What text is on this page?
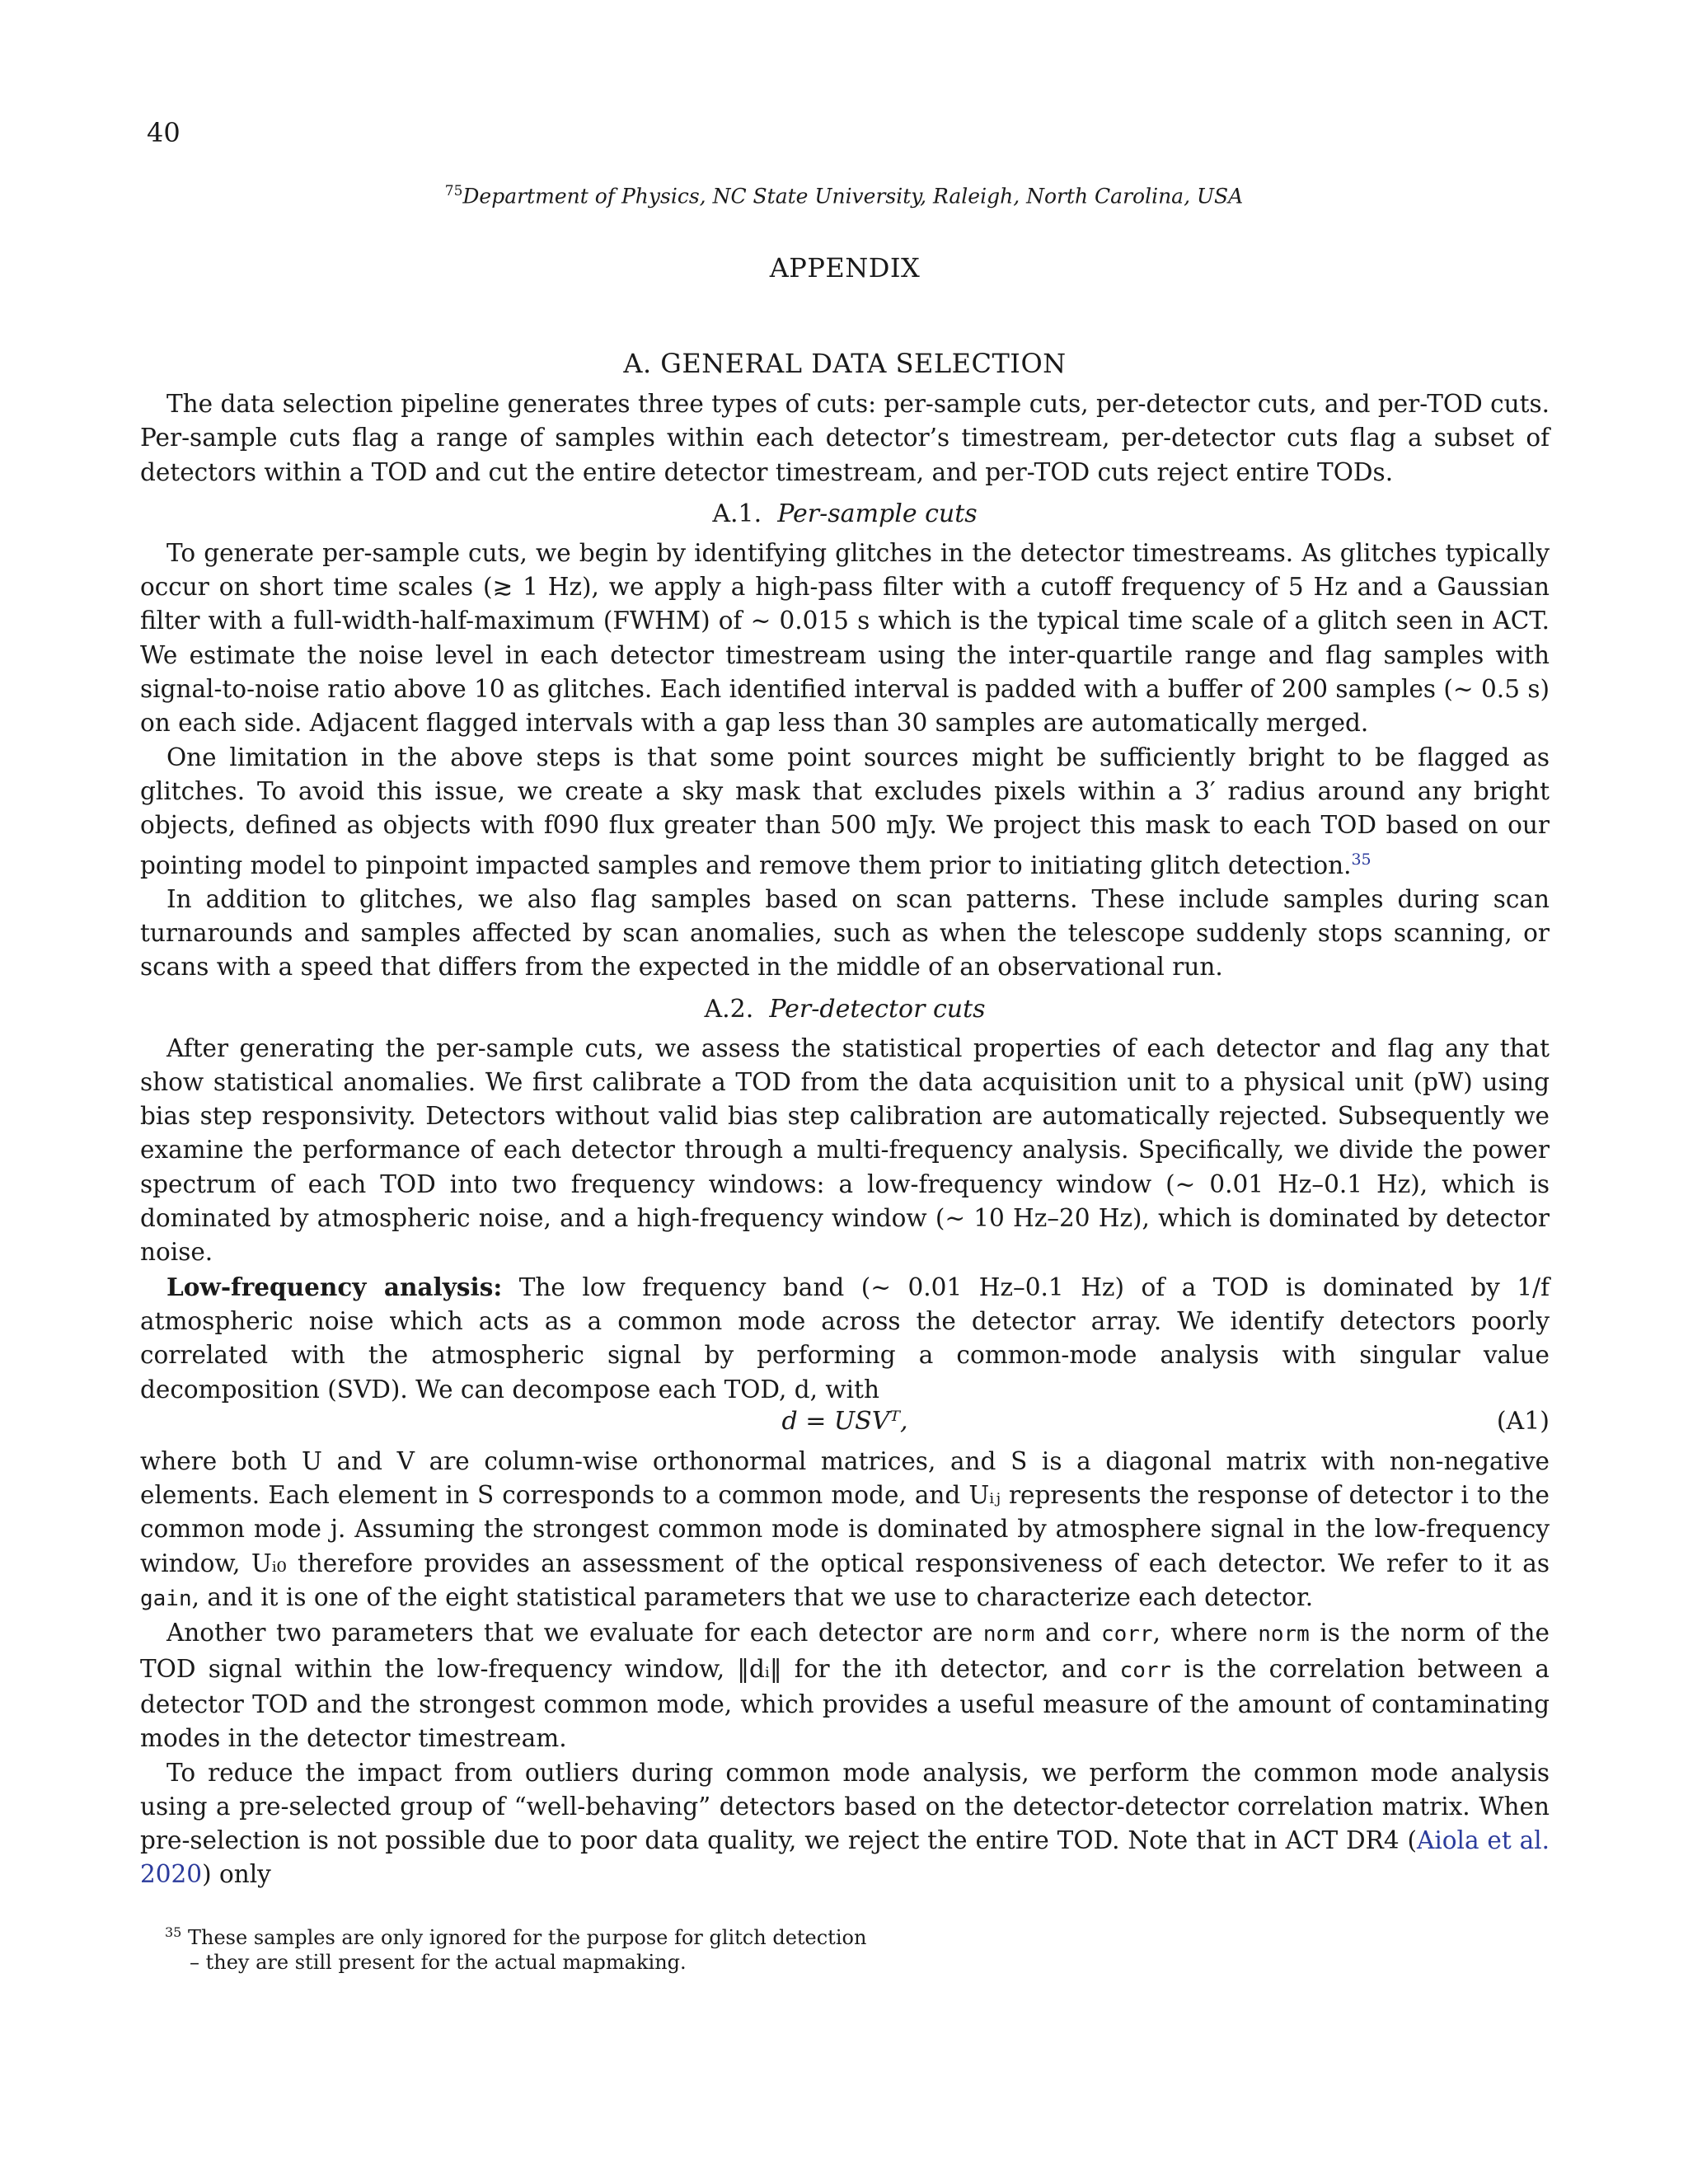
40
$^{75}$Department of Physics, NC State University, Raleigh, North Carolina, USA
APPENDIX
A. GENERAL DATA SELECTION

The data selection pipeline generates three types of cuts: per-sample cuts, per-detector cuts, and per-TOD cuts. Per-sample cuts flag a range of samples within each detector’s timestream, per-detector cuts flag a subset of detectors within a TOD and cut the entire detector timestream, and per-TOD cuts reject entire TODs.

A.1. Per-sample cuts

To generate per-sample cuts, we begin by identifying glitches in the detector timestreams. As glitches typically occur on short time scales (≳ 1 Hz), we apply a high-pass filter with a cutoff frequency of 5 Hz and a Gaussian filter with a full-width-half-maximum (FWHM) of ∼ 0.015 s which is the typical time scale of a glitch seen in ACT. We estimate the noise level in each detector timestream using the inter-quartile range and flag samples with signal-to-noise ratio above 10 as glitches. Each identified interval is padded with a buffer of 200 samples (∼ 0.5 s) on each side. Adjacent flagged intervals with a gap less than 30 samples are automatically merged.

One limitation in the above steps is that some point sources might be sufficiently bright to be flagged as glitches. To avoid this issue, we create a sky mask that excludes pixels within a 3′ radius around any bright objects, defined as objects with f090 flux greater than 500 mJy. We project this mask to each TOD based on our pointing model to pinpoint impacted samples and remove them prior to initiating glitch detection.$^{35}$

In addition to glitches, we also flag samples based on scan patterns. These include samples during scan turnarounds and samples affected by scan anomalies, such as when the telescope suddenly stops scanning, or scans with a speed that differs from the expected in the middle of an observational run.

A.2. Per-detector cuts

After generating the per-sample cuts, we assess the statistical properties of each detector and flag any that show statistical anomalies. We first calibrate a TOD from the data acquisition unit to a physical unit (pW) using bias step responsivity. Detectors without valid bias step calibration are automatically rejected. Subsequently we examine the performance of each detector through a multi-frequency analysis. Specifically, we divide the power spectrum of each TOD into two frequency windows: a low-frequency window (∼ 0.01 Hz–0.1 Hz), which is dominated by atmospheric noise, and a high-frequency window (∼ 10 Hz–20 Hz), which is dominated by detector noise.

Low-frequency analysis: The low frequency band (∼ 0.01 Hz–0.1 Hz) of a TOD is dominated by 1/f atmospheric noise which acts as a common mode across the detector array. We identify detectors poorly correlated with the atmospheric signal by performing a common-mode analysis with singular value decomposition (SVD). We can decompose each TOD, d, with

d = USVᵀ,	(A1)

where both U and V are column-wise orthonormal matrices, and S is a diagonal matrix with non-negative elements. Each element in S corresponds to a common mode, and Uᵢⱼ represents the response of detector i to the common mode j. Assuming the strongest common mode is dominated by atmosphere signal in the low-frequency window, Uᵢ₀ therefore provides an assessment of the optical responsiveness of each detector. We refer to it as gain, and it is one of the eight statistical parameters that we use to characterize each detector.

Another two parameters that we evaluate for each detector are norm and corr, where norm is the norm of the TOD signal within the low-frequency window, ‖dᵢ‖ for the ith detector, and corr is the correlation between a detector TOD and the strongest common mode, which provides a useful measure of the amount of contaminating modes in the detector timestream.

To reduce the impact from outliers during common mode analysis, we perform the common mode analysis using a pre-selected group of “well-behaving” detectors based on the detector-detector correlation matrix. When pre-selection is not possible due to poor data quality, we reject the entire TOD. Note that in ACT DR4 (Aiola et al. 2020) only

$^{35}$ These samples are only ignored for the purpose for glitch detection
– they are still present for the actual mapmaking.
